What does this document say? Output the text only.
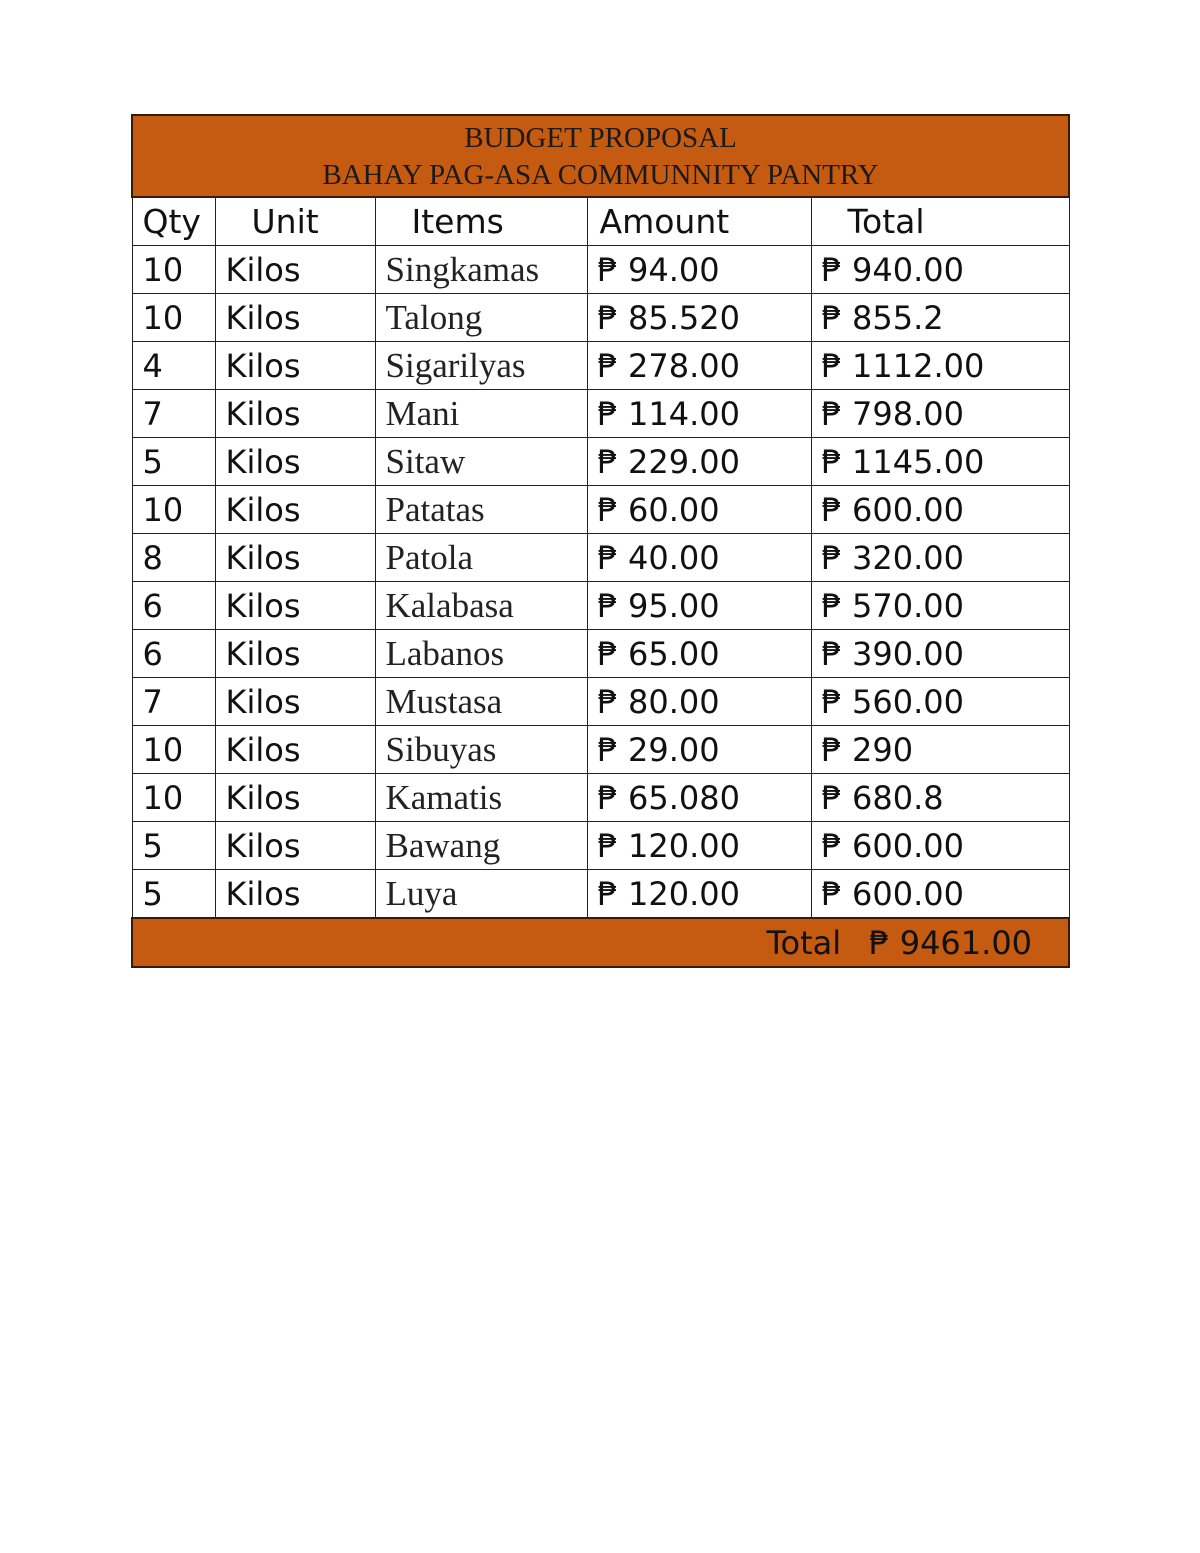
BUDGET PROPOSAL
BAHAY PAG-ASA COMMUNNITY PANTRY				

Qty	Unit	Items	Amount	Total
10	Kilos	Singkamas	₱ 94.00	₱ 940.00
10	Kilos	Talong	₱ 85.520	₱ 855.2
4	Kilos	Sigarilyas	₱ 278.00	₱ 1112.00
7	Kilos	Mani	₱ 114.00	₱ 798.00
5	Kilos	Sitaw	₱ 229.00	₱ 1145.00
10	Kilos	Patatas	₱ 60.00	₱ 600.00
8	Kilos	Patola	₱ 40.00	₱ 320.00
6	Kilos	Kalabasa	₱ 95.00	₱ 570.00
6	Kilos	Labanos	₱ 65.00	₱ 390.00
7	Kilos	Mustasa	₱ 80.00	₱ 560.00
10	Kilos	Sibuyas	₱ 29.00	₱ 290
10	Kilos	Kamatis	₱ 65.080	₱ 680.8
5	Kilos	Bawang	₱ 120.00	₱ 600.00
5	Kilos	Luya	₱ 120.00	₱ 600.00
Total ₱ 9461.00				
